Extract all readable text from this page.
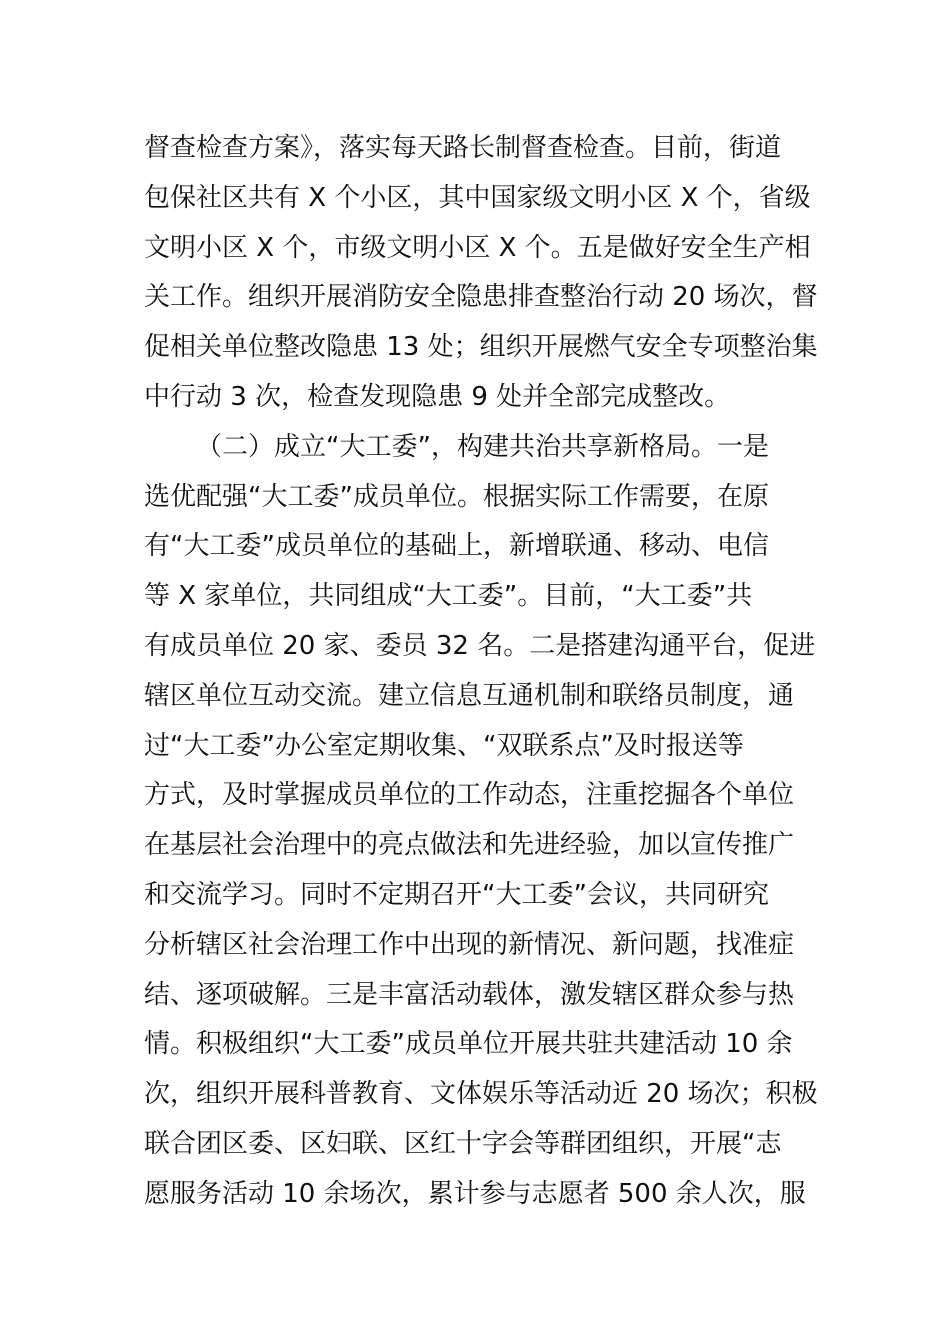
督查检查方案》，落实每天路长制督查检查。目前，街道
包保社区共有 X 个小区，其中国家级文明小区 X 个，省级
文明小区 X 个，市级文明小区 X 个。五是做好安全生产相
关工作。组织开展消防安全隐患排查整治行动 20 场次，督
促相关单位整改隐患 13 处；组织开展燃气安全专项整治集
中行动 3 次，检查发现隐患 9 处并全部完成整改。
（二）成立“大工委”，构建共治共享新格局。一是
选优配强“大工委”成员单位。根据实际工作需要，在原
有“大工委”成员单位的基础上，新增联通、移动、电信
等 X 家单位，共同组成“大工委”。目前，“大工委”共
有成员单位 20 家、委员 32 名。二是搭建沟通平台，促进
辖区单位互动交流。建立信息互通机制和联络员制度，通
过“大工委”办公室定期收集、“双联系点”及时报送等
方式，及时掌握成员单位的工作动态，注重挖掘各个单位
在基层社会治理中的亮点做法和先进经验，加以宣传推广
和交流学习。同时不定期召开“大工委”会议，共同研究
分析辖区社会治理工作中出现的新情况、新问题，找准症
结、逐项破解。三是丰富活动载体，激发辖区群众参与热
情。积极组织“大工委”成员单位开展共驻共建活动 10 余
次，组织开展科普教育、文体娱乐等活动近 20 场次；积极
联合团区委、区妇联、区红十字会等群团组织，开展“志
愿服务活动 10 余场次，累计参与志愿者 500 余人次，服
